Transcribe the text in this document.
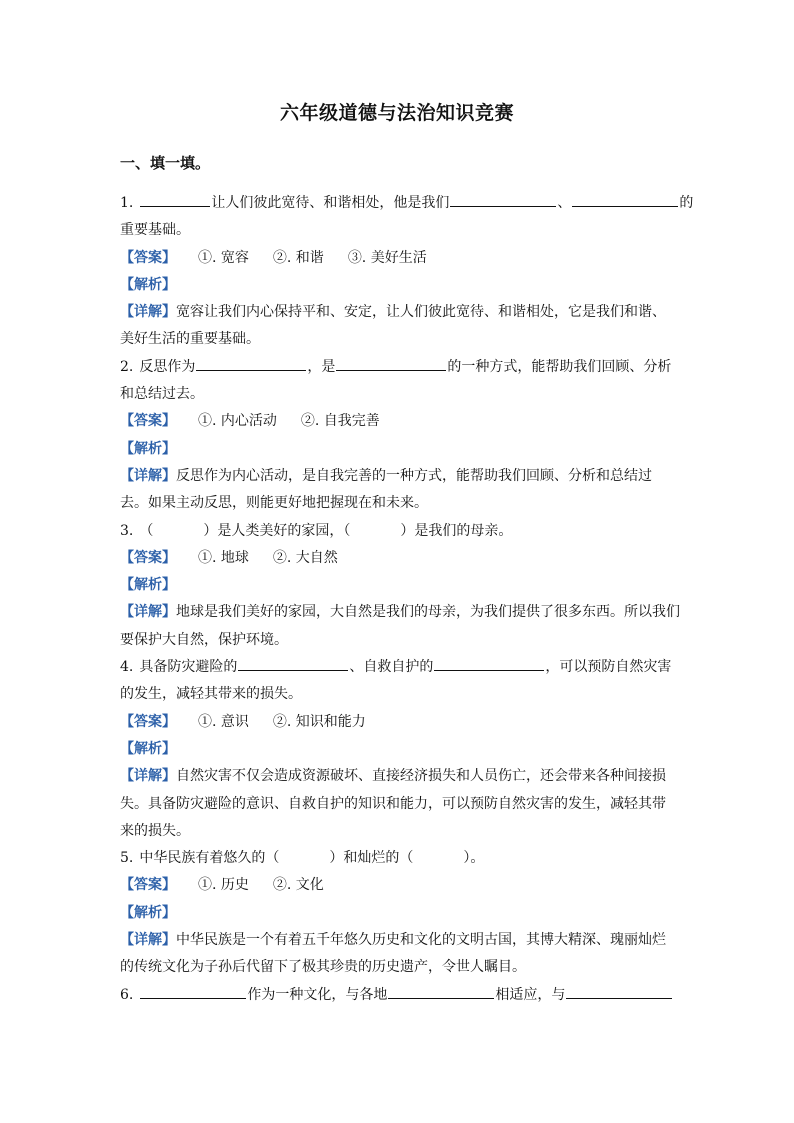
六年级道德与法治知识竞赛
一、填一填。
1.	让人们彼此宽待、和谐相处，他是我们	、	的
重要基础。
【答案】 ①. 宽容 ②. 和谐 ③. 美好生活
【解析】
【详解】宽容让我们内心保持平和、安定，让人们彼此宽待、和谐相处，它是我们和谐、
美好生活的重要基础。
2. 反思作为	，是	的一种方式，能帮助我们回顾、分析
和总结过去。
【答案】 ①. 内心活动 ②. 自我完善
【解析】
【详解】反思作为内心活动，是自我完善的一种方式，能帮助我们回顾、分析和总结过
去。如果主动反思，则能更好地把握现在和未来。
3. （	）是人类美好的家园，（	）是我们的母亲。
【答案】 ①. 地球 ②. 大自然
【解析】
【详解】地球是我们美好的家园，大自然是我们的母亲，为我们提供了很多东西。所以我们
要保护大自然，保护环境。
4. 具备防灾避险的	、自救自护的	，可以预防自然灾害
的发生，减轻其带来的损失。
【答案】 ①. 意识 ②. 知识和能力
【解析】
【详解】自然灾害不仅会造成资源破坏、直接经济损失和人员伤亡，还会带来各种间接损
失。具备防灾避险的意识、自救自护的知识和能力，可以预防自然灾害的发生，减轻其带
来的损失。
5. 中华民族有着悠久的（	）和灿烂的（	）。
【答案】 ①. 历史 ②. 文化
【解析】
【详解】中华民族是一个有着五千年悠久历史和文化的文明古国，其博大精深、瑰丽灿烂
的传统文化为子孙后代留下了极其珍贵的历史遗产，令世人瞩目。
6.	作为一种文化，与各地	相适应，与
